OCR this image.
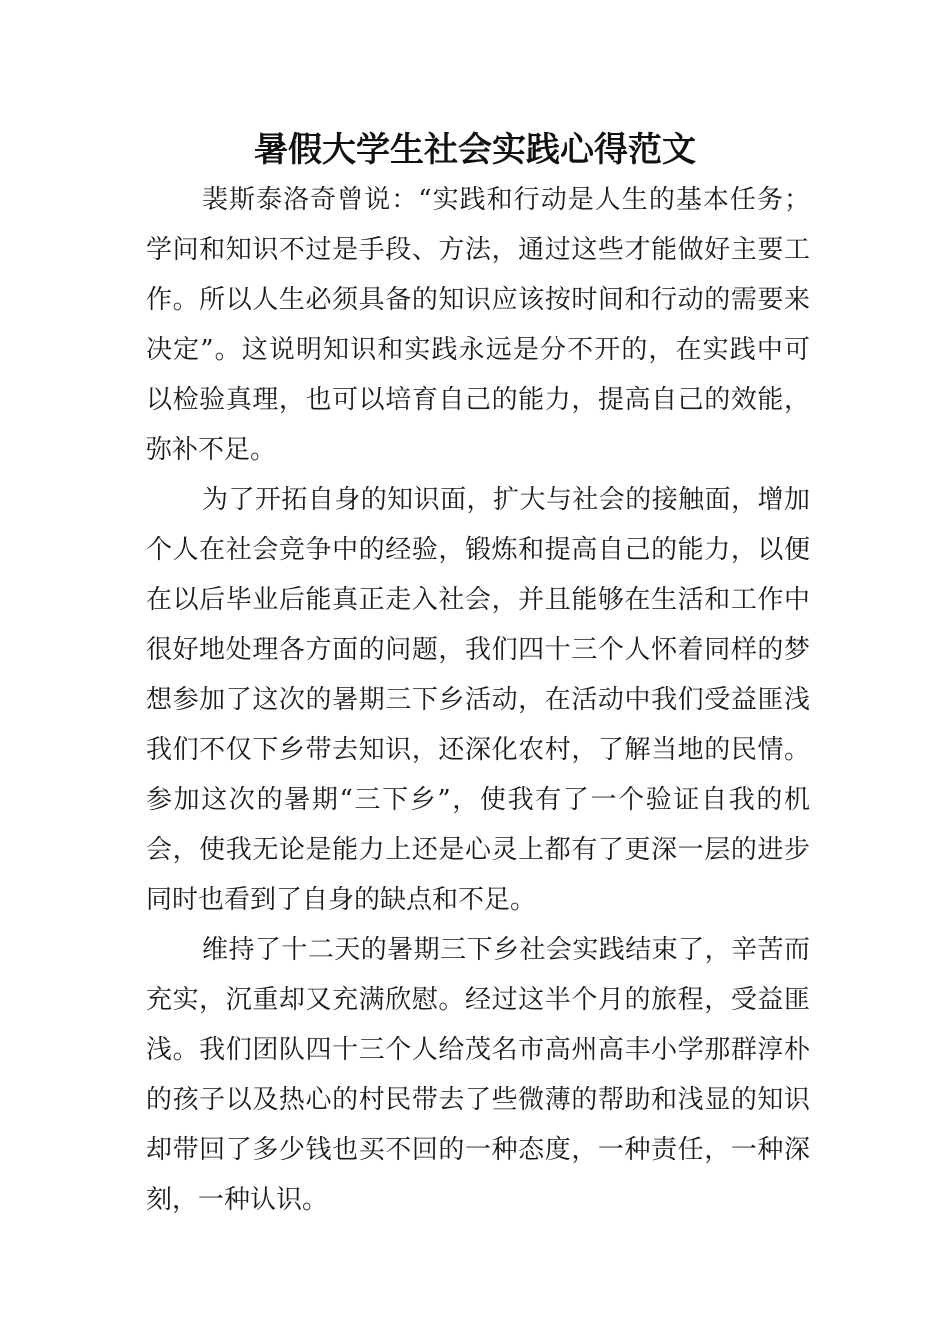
暑假大学生社会实践心得范文
裴斯泰洛奇曾说：“实践和行动是人生的基本任务；
学问和知识不过是手段、方法，通过这些才能做好主要工
作。所以人生必须具备的知识应该按时间和行动的需要来
决定”。这说明知识和实践永远是分不开的，在实践中可
以检验真理，也可以培育自己的能力，提高自己的效能，
弥补不足。
为了开拓自身的知识面，扩大与社会的接触面，增加
个人在社会竞争中的经验，锻炼和提高自己的能力，以便
在以后毕业后能真正走入社会，并且能够在生活和工作中
很好地处理各方面的问题，我们四十三个人怀着同样的梦
想参加了这次的暑期三下乡活动，在活动中我们受益匪浅
我们不仅下乡带去知识，还深化农村，了解当地的民情。
参加这次的暑期“三下乡”，使我有了一个验证自我的机
会，使我无论是能力上还是心灵上都有了更深一层的进步
同时也看到了自身的缺点和不足。
维持了十二天的暑期三下乡社会实践结束了，辛苦而
充实，沉重却又充满欣慰。经过这半个月的旅程，受益匪
浅。我们团队四十三个人给茂名市高州高丰小学那群淳朴
的孩子以及热心的村民带去了些微薄的帮助和浅显的知识
却带回了多少钱也买不回的一种态度，一种责任，一种深
刻，一种认识。
